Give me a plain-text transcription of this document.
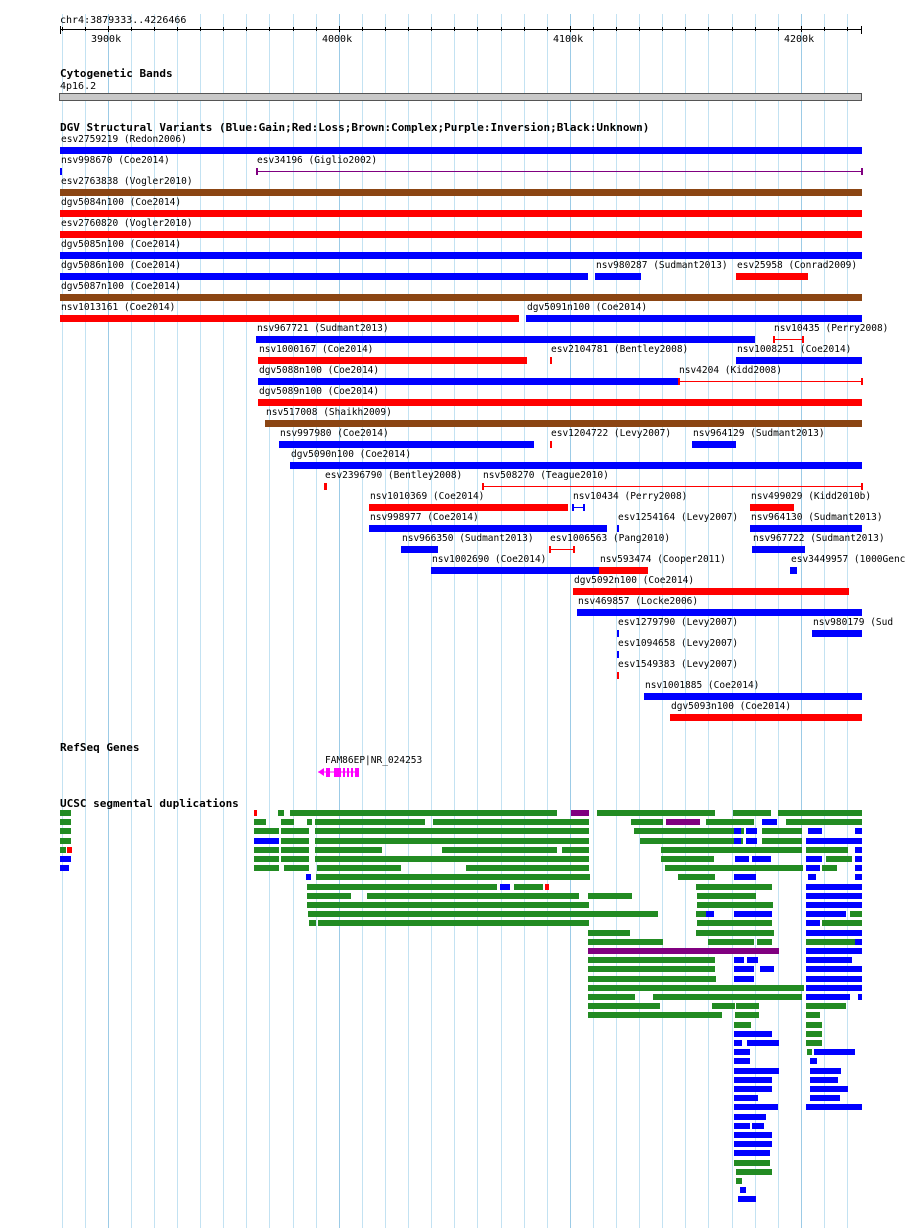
chr4:3879333..4226466
3900k	4000k	4100k	4200k
Cytogenetic Bands
4p16.2
DGV Structural Variants (Blue:Gain;Red:Loss;Brown:Complex;Purple:Inversion;Black:Unknown)
esv2759219 (Redon2006)
nsv998670 (Coe2014)	esv34196 (Giglio2002)
esv2763838 (Vogler2010)
dgv5084n100 (Coe2014)
esv2760820 (Vogler2010)
dgv5085n100 (Coe2014)
dgv5086n100 (Coe2014)	nsv980287 (Sudmant2013) esv25958 (Conrad2009)
dgv5087n100 (Coe2014)
nsv1013161 (Coe2014)	dgv5091n100 (Coe2014)
nsv967721 (Sudmant2013)	nsv10435 (Perry2008)
nsv1000167 (Coe2014)	esv2104781 (Bentley2008)	nsv1008251 (Coe2014)
dgv5088n100 (Coe2014)	nsv4204 (Kidd2008)
dgv5089n100 (Coe2014)
nsv517008 (Shaikh2009)
nsv997980 (Coe2014)	esv1204722 (Levy2007) nsv964129 (Sudmant2013)
dgv5090n100 (Coe2014)
esv2396790 (Bentley2008) nsv508270 (Teague2010)
nsv1010369 (Coe2014)	nsv10434 (Perry2008)	nsv499029 (Kidd2010b)
nsv998977 (Coe2014)	esv1254164 (Levy2007) nsv964130 (Sudmant2013)
nsv966350 (Sudmant2013) esv1006563 (Pang2010)	nsv967722 (Sudmant2013)
nsv1002690 (Coe2014)	nsv593474 (Cooper2011)	esv3449957 (1000Genc
dgv5092n100 (Coe2014)
nsv469857 (Locke2006)
esv1279790 (Levy2007)	nsv980179 (Sud
esv1094658 (Levy2007)
esv1549383 (Levy2007)
nsv1001885 (Coe2014)
dgv5093n100 (Coe2014)
RefSeq Genes
FAM86EP|NR_024253
UCSC segmental duplications
